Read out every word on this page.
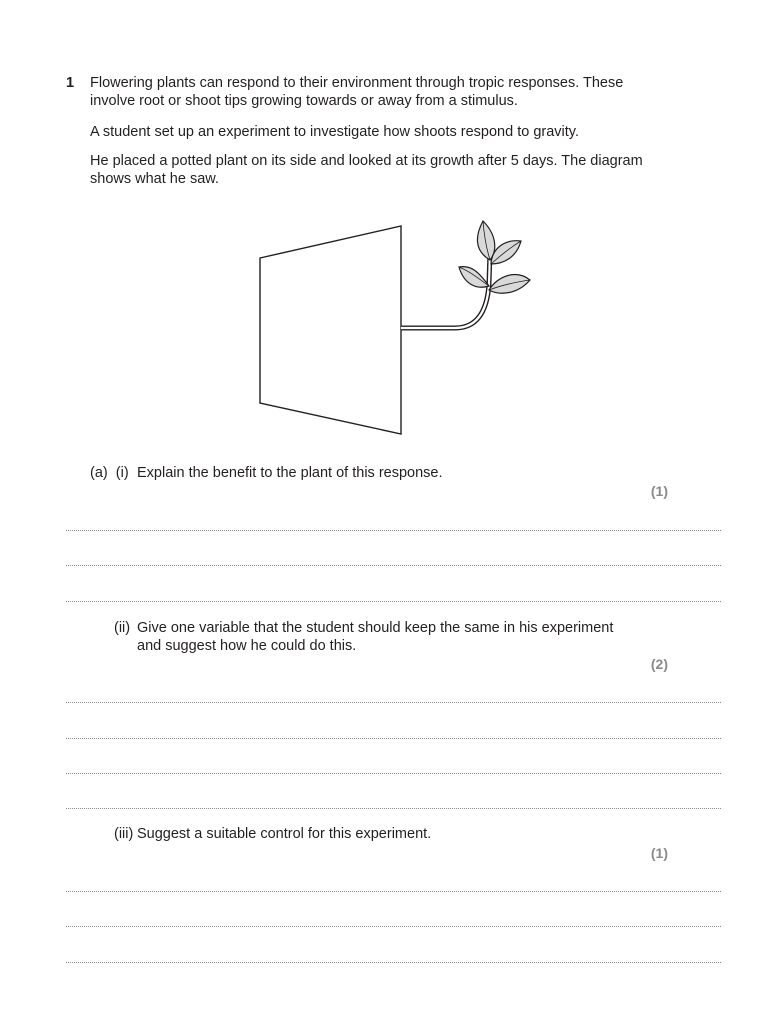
1 Flowering plants can respond to their environment through tropic responses. These involve root or shoot tips growing towards or away from a stimulus.
A student set up an experiment to investigate how shoots respond to gravity.
He placed a potted plant on its side and looked at its growth after 5 days. The diagram shows what he saw.
(a)  (i) Explain the benefit to the plant of this response.
(1)
(ii) Give one variable that the student should keep the same in his experiment and suggest how he could do this.
(2)
(iii) Suggest a suitable control for this experiment.
(1)
